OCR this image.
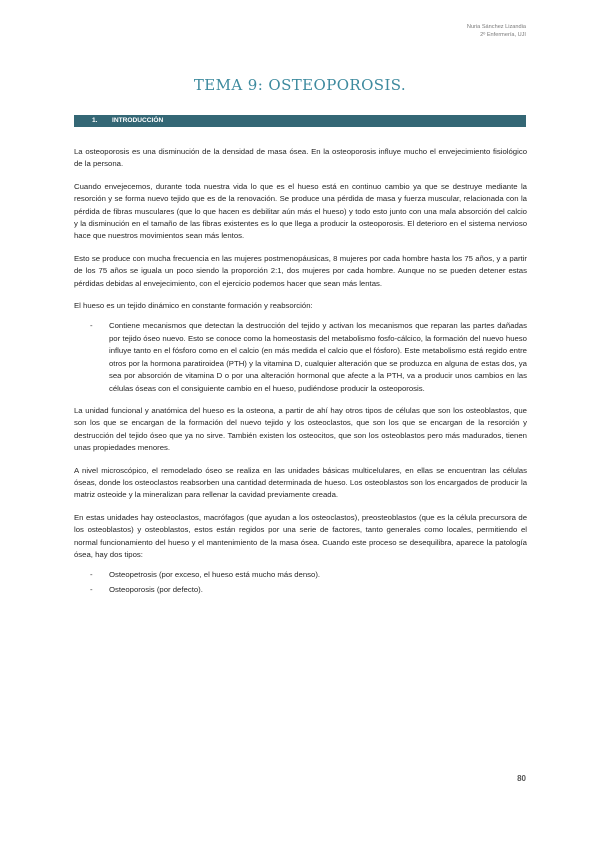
Nuria Sánchez Lizandia
2º Enfermería, UJI
TEMA 9: OSTEOPOROSIS.
1. INTRODUCCIÓN

La osteoporosis es una disminución de la densidad de masa ósea. En la osteoporosis influye mucho el envejecimiento fisiológico de la persona.

Cuando envejecemos, durante toda nuestra vida lo que es el hueso está en continuo cambio ya que se destruye mediante la resorción y se forma nuevo tejido que es de la renovación. Se produce una pérdida de masa y fuerza muscular, relacionada con la pérdida de fibras musculares (que lo que hacen es debilitar aún más el hueso) y todo esto junto con una mala absorción del calcio y la disminución en el tamaño de las fibras existentes es lo que llega a producir la osteoporosis. El deterioro en el sistema nervioso hace que nuestros movimientos sean más lentos.

Esto se produce con mucha frecuencia en las mujeres postmenopáusicas, 8 mujeres por cada hombre hasta los 75 años, y a partir de los 75 años se iguala un poco siendo la proporción 2:1, dos mujeres por cada hombre. Aunque no se pueden detener estas pérdidas debidas al envejecimiento, con el ejercicio podemos hacer que sean más lentas.

El hueso es un tejido dinámico en constante formación y reabsorción:

- Contiene mecanismos que detectan la destrucción del tejido y activan los mecanismos que reparan las partes dañadas por tejido óseo nuevo. Esto se conoce como la homeostasis del metabolismo fosfo-cálcico, la formación del nuevo hueso influye tanto en el fósforo como en el calcio (en más medida el calcio que el fósforo). Este metabolismo está regido entre otros por la hormona paratiroidea (PTH) y la vitamina D, cualquier alteración que se produzca en alguna de estas dos, ya sea por absorción de vitamina D o por una alteración hormonal que afecte a la PTH, va a producir unos cambios en las células óseas con el consiguiente cambio en el hueso, pudiéndose producir la osteoporosis.

La unidad funcional y anatómica del hueso es la osteona, a partir de ahí hay otros tipos de células que son los osteoblastos, que son los que se encargan de la formación del nuevo tejido y los osteoclastos, que son los que se encargan de la resorción y destrucción del tejido óseo que ya no sirve. También existen los osteocitos, que son los osteoblastos pero más madurados, tienen unas propiedades menores.

A nivel microscópico, el remodelado óseo se realiza en las unidades básicas multicelulares, en ellas se encuentran las células óseas, donde los osteoclastos reabsorben una cantidad determinada de hueso. Los osteoblastos son los encargados de producir la matriz osteoide y la mineralizan para rellenar la cavidad previamente creada.

En estas unidades hay osteoclastos, macrófagos (que ayudan a los osteoclastos), preosteoblastos (que es la célula precursora de los osteoblastos) y osteoblastos, estos están regidos por una serie de factores, tanto generales como locales, permitiendo el normal funcionamiento del hueso y el mantenimiento de la masa ósea. Cuando este proceso se desequilibra, aparece la patología ósea, hay dos tipos:

- Osteopetrosis (por exceso, el hueso está mucho más denso).
- Osteoporosis (por defecto).
80
